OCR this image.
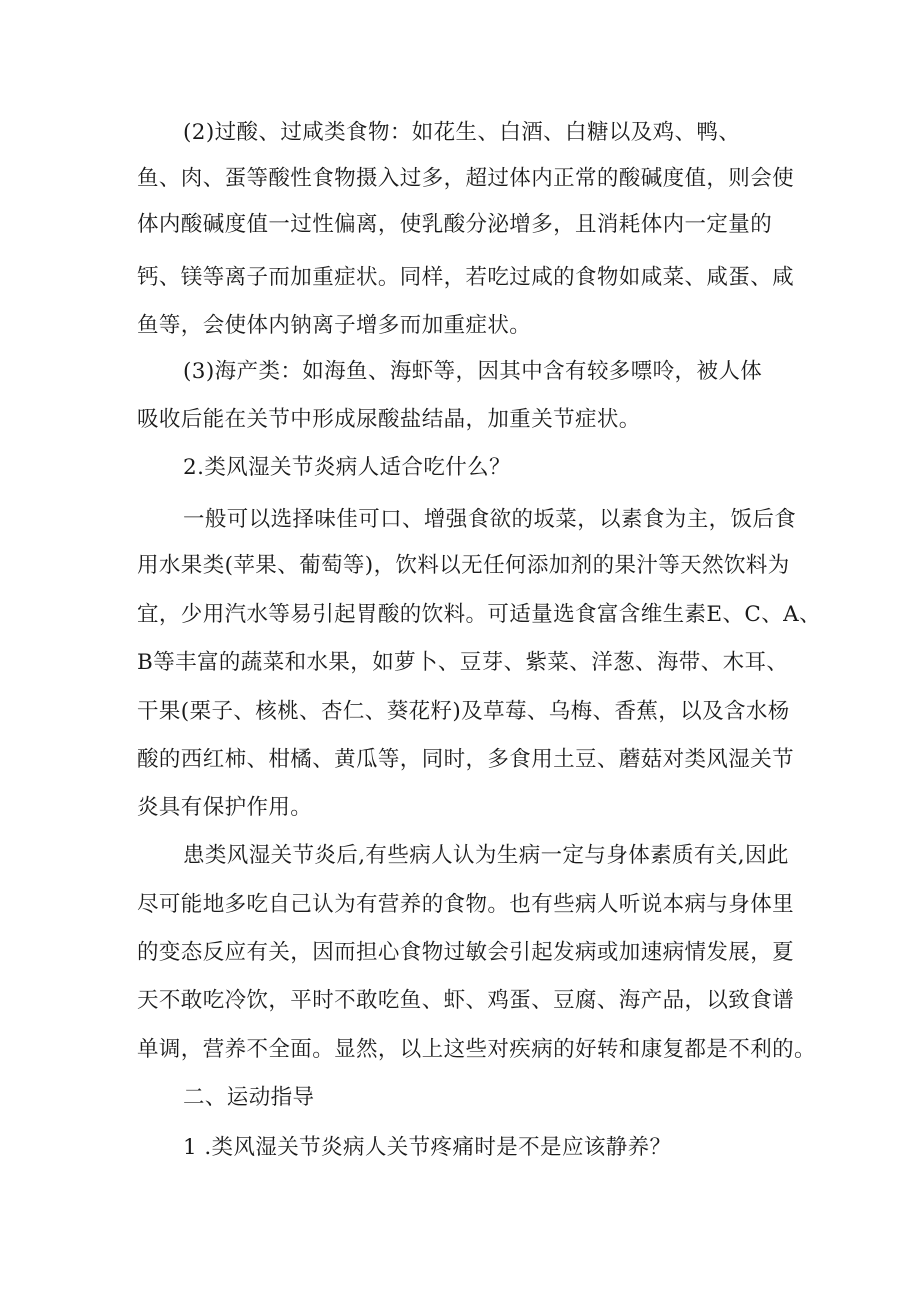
(2)过酸、过咸类食物：如花生、白酒、白糖以及鸡、鸭、
鱼、肉、蛋等酸性食物摄入过多，超过体内正常的酸碱度值，则会使
体内酸碱度值一过性偏离，使乳酸分泌增多，且消耗体内一定量的
钙、镁等离子而加重症状。同样，若吃过咸的食物如咸菜、咸蛋、咸
鱼等，会使体内钠离子增多而加重症状。
(3)海产类：如海鱼、海虾等，因其中含有较多嘌呤，被人体
吸收后能在关节中形成尿酸盐结晶，加重关节症状。
2.类风湿关节炎病人适合吃什么？
一般可以选择味佳可口、增强食欲的坂菜，以素食为主，饭后食
用水果类(苹果、葡萄等)，饮料以无任何添加剂的果汁等天然饮料为
宜，少用汽水等易引起胃酸的饮料。可适量选食富含维生素E、C、A、
B等丰富的蔬菜和水果，如萝卜、豆芽、紫菜、洋葱、海带、木耳、
干果(栗子、核桃、杏仁、葵花籽)及草莓、乌梅、香蕉，以及含水杨
酸的西红柿、柑橘、黄瓜等，同时，多食用土豆、蘑菇对类风湿关节
炎具有保护作用。
患类风湿关节炎后,有些病人认为生病一定与身体素质有关,因此
尽可能地多吃自己认为有营养的食物。也有些病人听说本病与身体里
的变态反应有关，因而担心食物过敏会引起发病或加速病情发展，夏
天不敢吃冷饮，平时不敢吃鱼、虾、鸡蛋、豆腐、海产品，以致食谱
单调，营养不全面。显然，以上这些对疾病的好转和康复都是不利的。
二、运动指导
1 .类风湿关节炎病人关节疼痛时是不是应该静养？
